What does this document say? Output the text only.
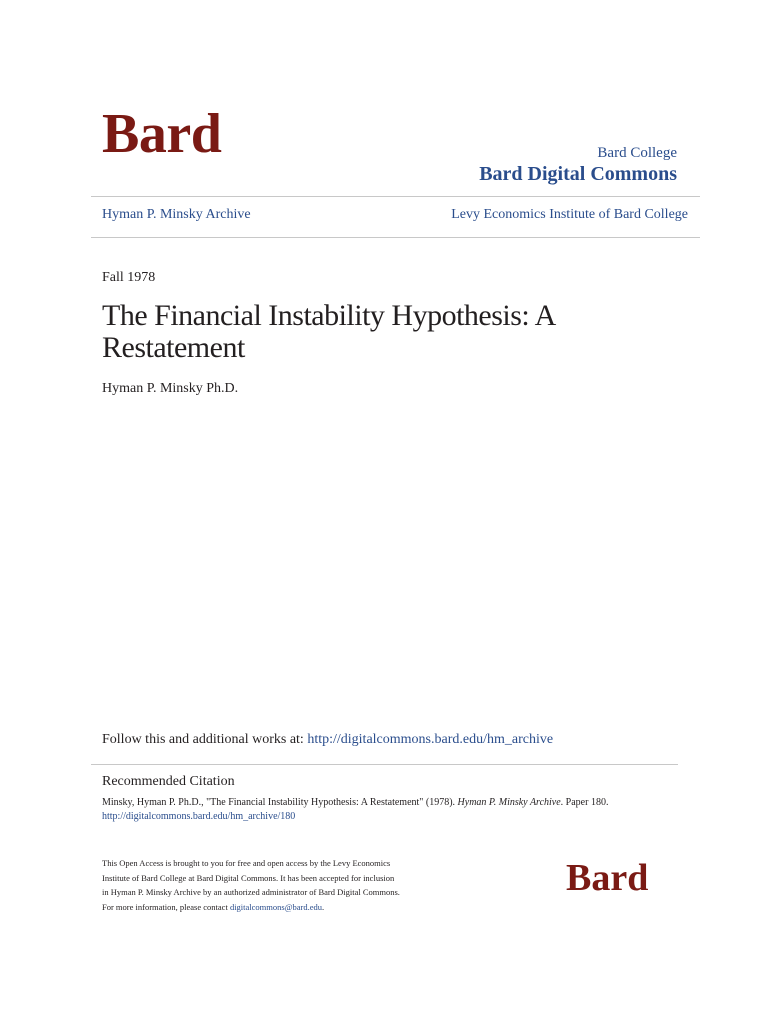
Bard	Bard College
Bard Digital Commons
Hyman P. Minsky Archive	Levy Economics Institute of Bard College
Fall 1978
The Financial Instability Hypothesis: A Restatement
Hyman P. Minsky Ph.D.
Follow this and additional works at: http://digitalcommons.bard.edu/hm_archive
Recommended Citation
Minsky, Hyman P. Ph.D., "The Financial Instability Hypothesis: A Restatement" (1978). Hyman P. Minsky Archive. Paper 180.
http://digitalcommons.bard.edu/hm_archive/180
This Open Access is brought to you for free and open access by the Levy Economics Institute of Bard College at Bard Digital Commons. It has been accepted for inclusion in Hyman P. Minsky Archive by an authorized administrator of Bard Digital Commons. For more information, please contact digitalcommons@bard.edu.
Bard
